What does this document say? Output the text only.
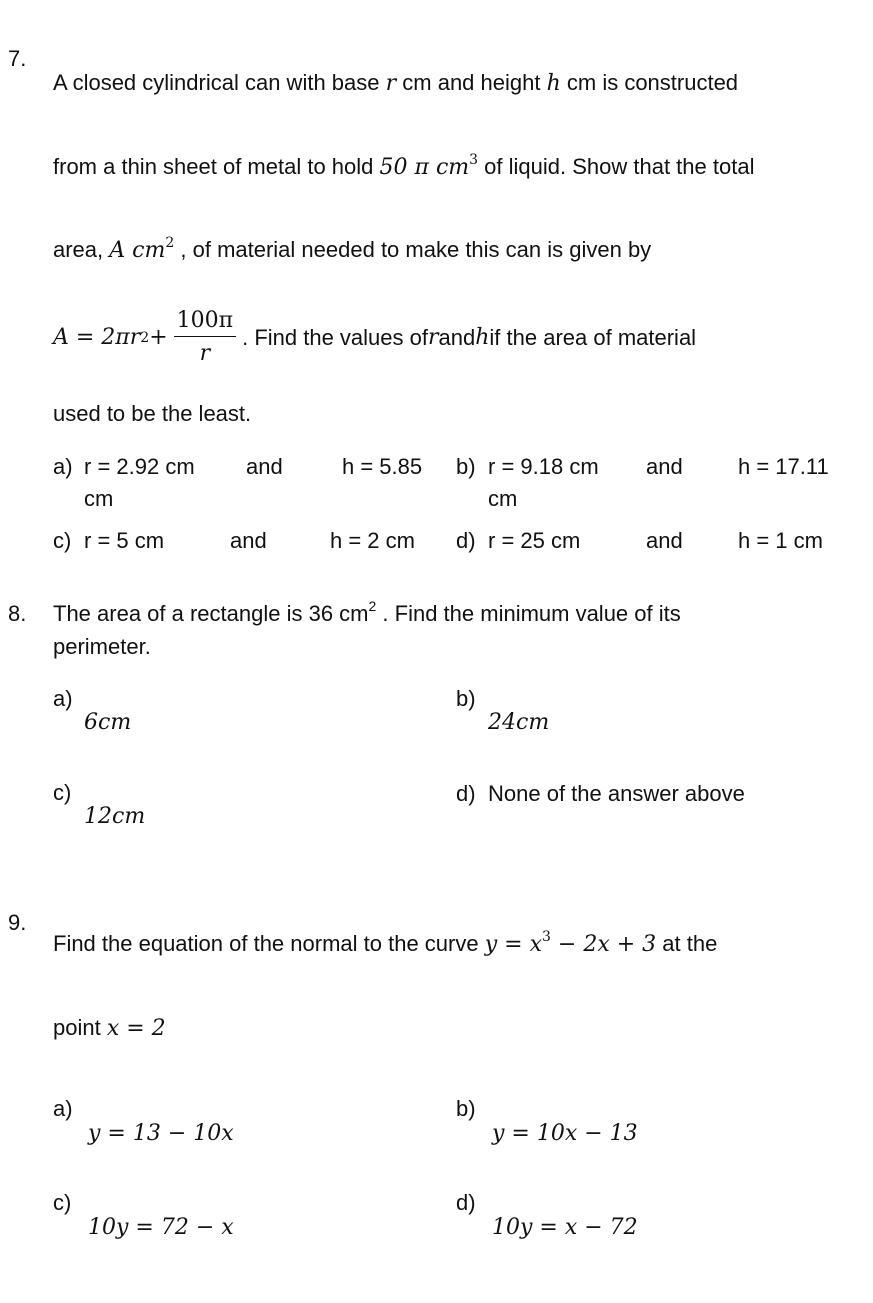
7.
A closed cylindrical can with base r cm and height h cm is constructed
from a thin sheet of metal to hold 50 π $cm^3$ of liquid. Show that the total
area, A $cm^2$ , of material needed to make this can is given by
A = 2πr $2 + \frac{100\pi}{r}$ . Find the values of r and h if the area of material
used to be the least.
a) r = 2.92 cm and	h = 5.85
cm
b) r = 9.18 cm and	h = 17.11
cm
c) r = 5 cm	and	h = 2 cm d) r = 25 cm	and	h = 1 cm
8. The area of a rectangle is 36 $cm^2$ . Find the minimum value of its
perimeter.
a)
6cm
b)
24cm
c)
12cm
d) None of the answer above
9.
Find the equation of the normal to the curve $y = x^3 - 2x + 3$ at the
point x = 2
a)
y = 13 − 10x
b)
y = 10x − 13
c)
10y = 72 − x
d)
10y = x − 72
